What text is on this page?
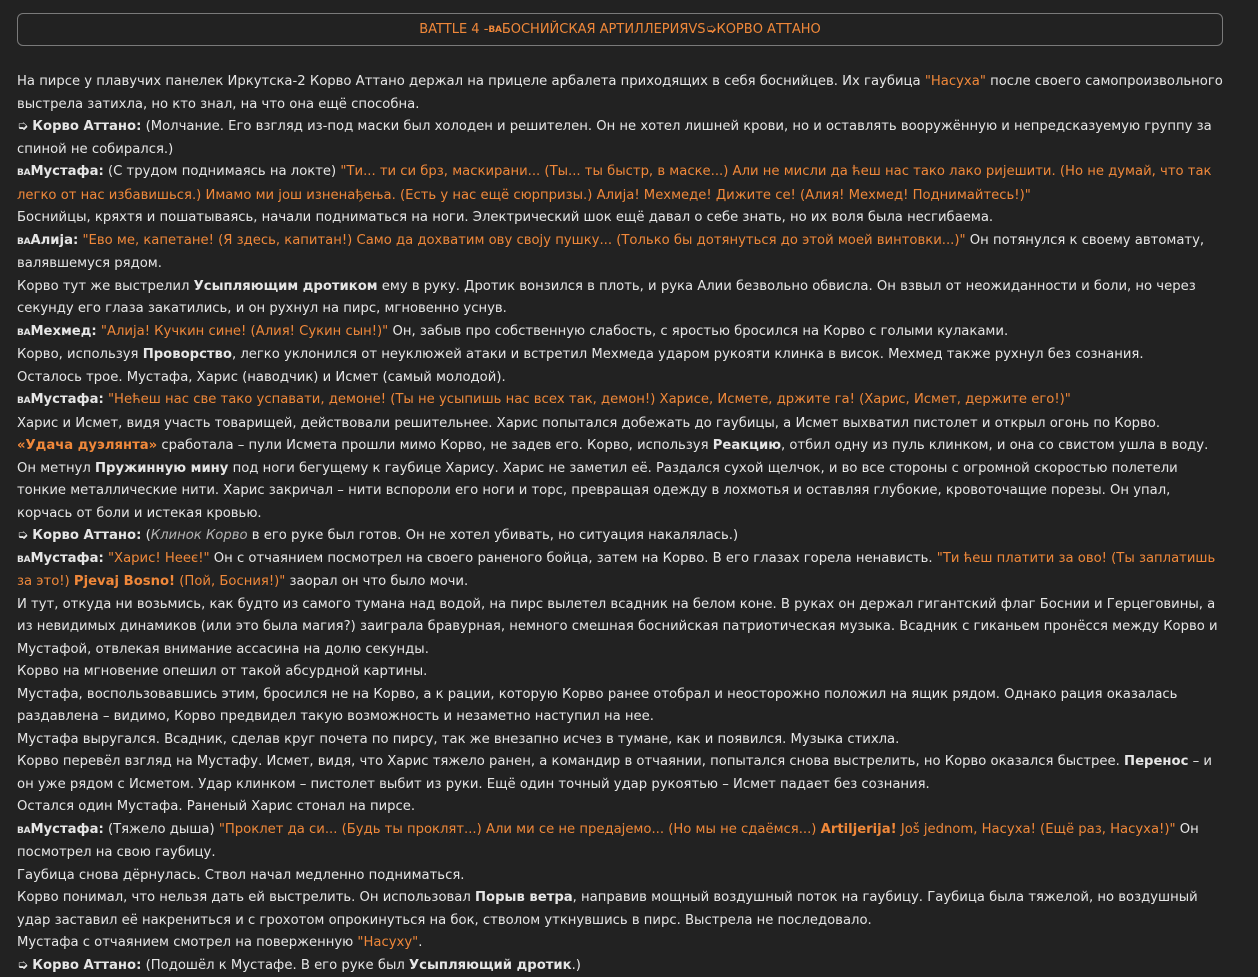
BATTLE 4 - BA БОСНИЙСКАЯ АРТИЛЛЕРИЯ VS ➭ КОРВО АТТАНО

На пирсе у плавучих панелек Иркутска-2 Корво Аттано держал на прицеле арбалета приходящих в себя боснийцев. Их гаубица "Насуха" после своего самопроизвольного выстрела затихла, но кто знал, на что она ещё способна.

➭ Корво Аттано: (Молчание. Его взгляд из-под маски был холоден и решителен. Он не хотел лишней крови, но и оставлять вооружённую и непредсказуемую группу за спиной не собирался.)

BAМустафа: (С трудом поднимаясь на локте) "Ти... ти си брз, маскирани... (Ты... ты быстр, в маске...) Али не мисли да ћеш нас тако лако ријешити. (Но не думай, что так легко от нас избавишься.) Имамо ми још изненађења. (Есть у нас ещё сюрпризы.) Алија! Мехмеде! Дижите се! (Алия! Мехмед! Поднимайтесь!)"

Боснийцы, кряхтя и пошатываясь, начали подниматься на ноги. Электрический шок ещё давал о себе знать, но их воля была несгибаема.

BAАлија: "Ево ме, капетане! (Я здесь, капитан!) Само да дохватим ову своју пушку... (Только бы дотянуться до этой моей винтовки...)" Он потянулся к своему автомату, валявшемуся рядом.

Корво тут же выстрелил Усыпляющим дротиком ему в руку. Дротик вонзился в плоть, и рука Алии безвольно обвисла. Он взвыл от неожиданности и боли, но через секунду его глаза закатились, и он рухнул на пирс, мгновенно уснув.

BAМехмед: "Алија! Кучкин сине! (Алия! Сукин сын!)" Он, забыв про собственную слабость, с яростью бросился на Корво с голыми кулаками.

Корво, используя Проворство, легко уклонился от неуклюжей атаки и встретил Мехмеда ударом рукояти клинка в висок. Мехмед также рухнул без сознания.

Осталось трое. Мустафа, Харис (наводчик) и Исмет (самый молодой).

BAМустафа: "Нећеш нас све тако успавати, демоне! (Ты не усыпишь нас всех так, демон!) Харисе, Исмете, држите га! (Харис, Исмет, держите его!)"

Харис и Исмет, видя участь товарищей, действовали решительнее. Харис попытался добежать до гаубицы, а Исмет выхватил пистолет и открыл огонь по Корво.

«Удача дуэлянта» сработала – пули Исмета прошли мимо Корво, не задев его. Корво, используя Реакцию, отбил одну из пуль клинком, и она со свистом ушла в воду.

Он метнул Пружинную мину под ноги бегущему к гаубице Харису. Харис не заметил её. Раздался сухой щелчок, и во все стороны с огромной скоростью полетели тонкие металлические нити. Харис закричал – нити вспороли его ноги и торс, превращая одежду в лохмотья и оставляя глубокие, кровоточащие порезы. Он упал, корчась от боли и истекая кровью.

➭ Корво Аттано: (Клинок Корво в его руке был готов. Он не хотел убивать, но ситуация накалялась.)

BAМустафа: "Харис! Нееє!" Он с отчаянием посмотрел на своего раненого бойца, затем на Корво. В его глазах горела ненависть. "Ти ћеш платити за ово! (Ты заплатишь за это!) Pjevaj Bosno! (Пой, Босния!)" заорал он что было мочи.

И тут, откуда ни возьмись, как будто из самого тумана над водой, на пирс вылетел всадник на белом коне. В руках он держал гигантский флаг Боснии и Герцеговины, а из невидимых динамиков (или это была магия?) заиграла бравурная, немного смешная боснийская патриотическая музыка. Всадник с гиканьем пронёсся между Корво и Мустафой, отвлекая внимание ассасина на долю секунды.

Корво на мгновение опешил от такой абсурдной картины.

Мустафа, воспользовавшись этим, бросился не на Корво, а к рации, которую Корво ранее отобрал и неосторожно положил на ящик рядом. Однако рация оказалась раздавлена – видимо, Корво предвидел такую возможность и незаметно наступил на нее.

Мустафа выругался. Всадник, сделав круг почета по пирсу, так же внезапно исчез в тумане, как и появился. Музыка стихла.

Корво перевёл взгляд на Мустафу. Исмет, видя, что Харис тяжело ранен, а командир в отчаянии, попытался снова выстрелить, но Корво оказался быстрее. Перенос – и он уже рядом с Исметом. Удар клинком – пистолет выбит из руки. Ещё один точный удар рукоятью – Исмет падает без сознания.

Остался один Мустафа. Раненый Харис стонал на пирсе.

BAМустафа: (Тяжело дыша) "Проклет да си... (Будь ты проклят...) Али ми се не предајемо... (Но мы не сдаёмся...) Artiljerija! Još jednom, Насуха! (Ещё раз, Насуха!)" Он посмотрел на свою гаубицу.

Гаубица снова дёрнулась. Ствол начал медленно подниматься.

Корво понимал, что нельзя дать ей выстрелить. Он использовал Порыв ветра, направив мощный воздушный поток на гаубицу. Гаубица была тяжелой, но воздушный удар заставил её накрениться и с грохотом опрокинуться на бок, стволом уткнувшись в пирс. Выстрела не последовало.

Мустафа с отчаянием смотрел на поверженную "Насуху".

➭ Корво Аттано: (Подошёл к Мустафе. В его руке был Усыпляющий дротик.)
